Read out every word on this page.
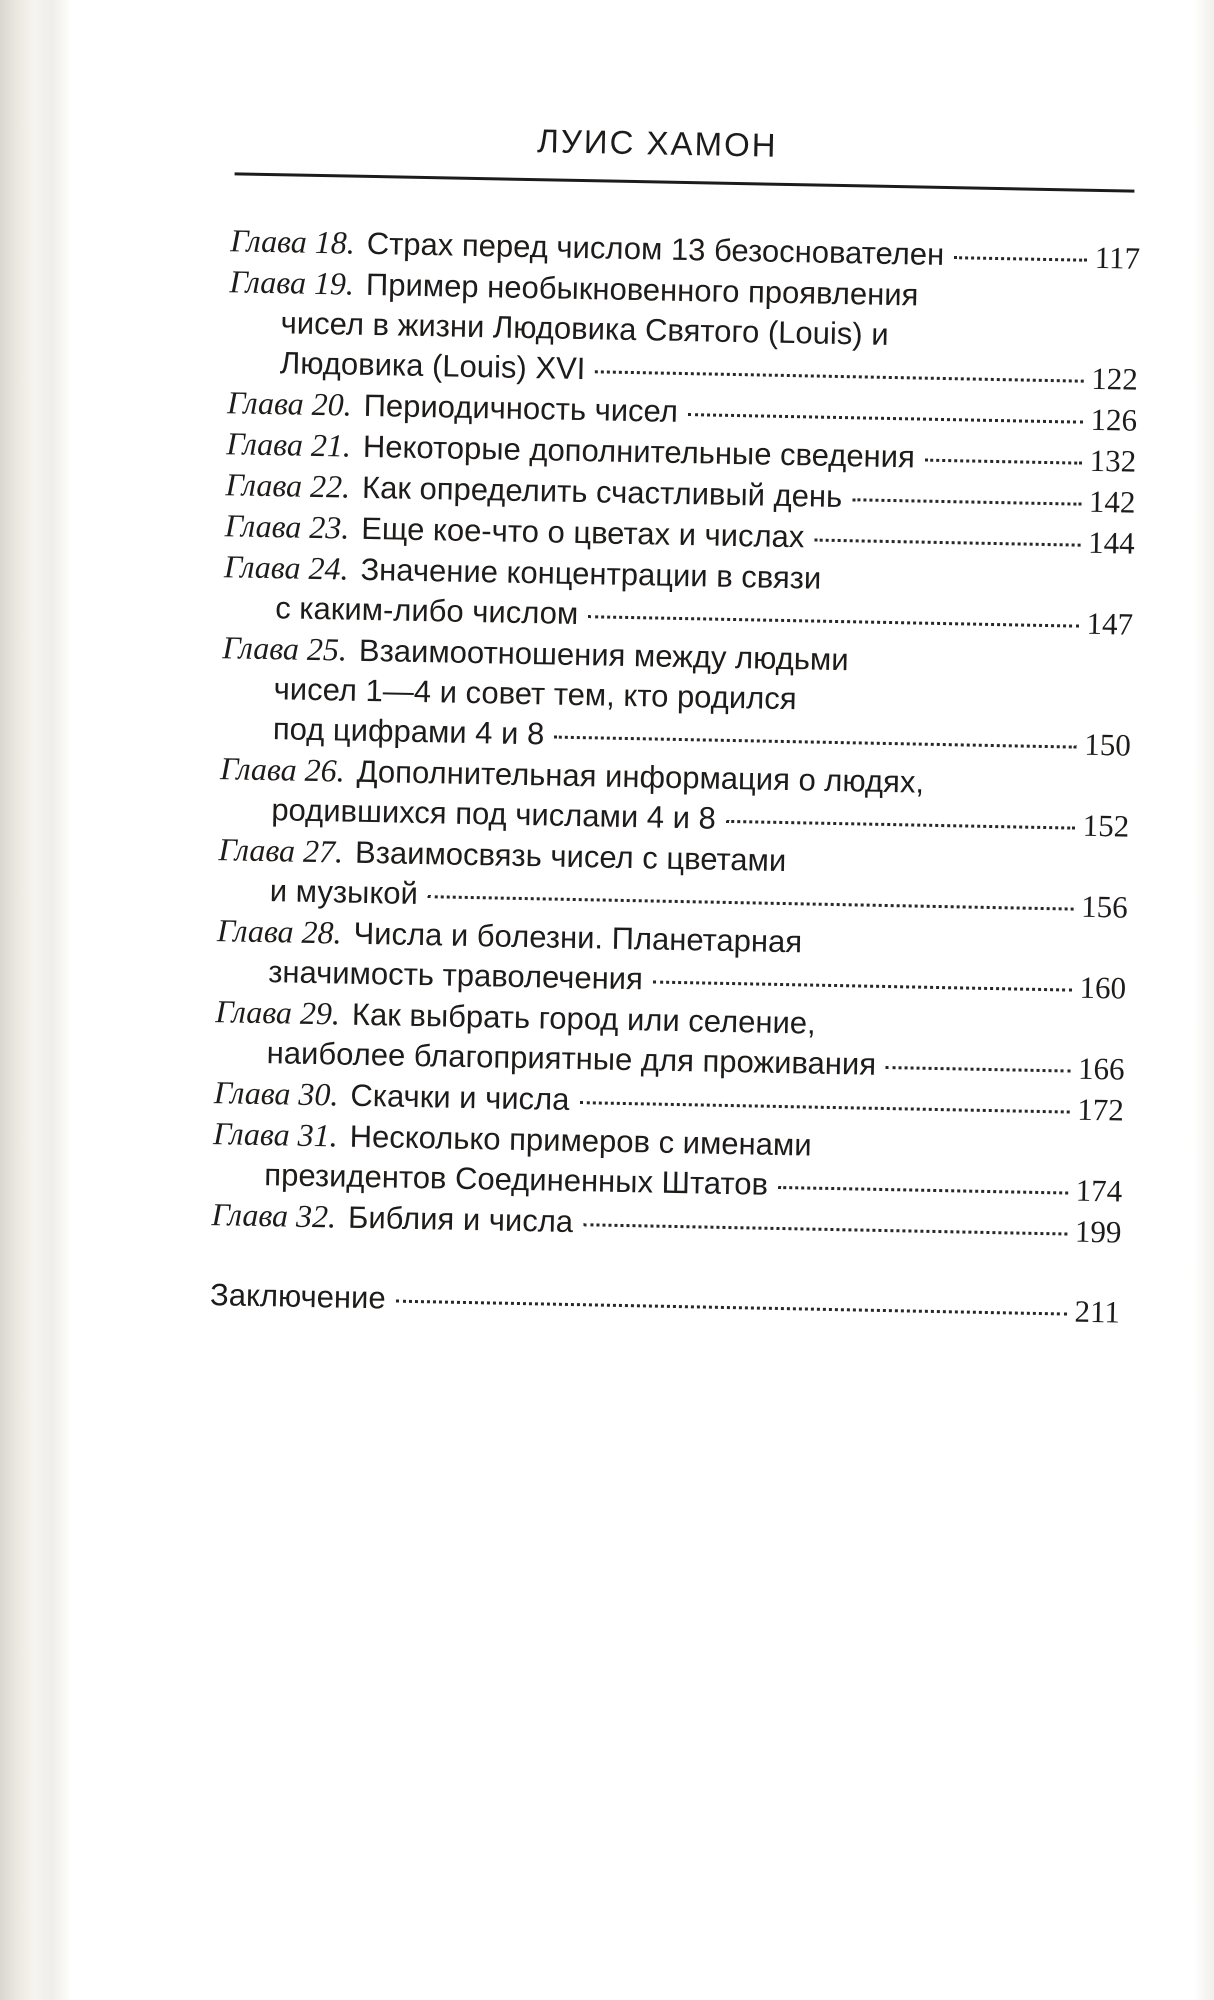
ЛУИС ХАМОН
Глава 18. Страх перед числом 13 безоснователен	117
Глава 19. Пример необыкновенного проявления
чисел в жизни Людовика Святого (Louis) и
Людовика (Louis) XVI	122
Глава 20. Периодичность чисел	126
Глава 21. Некоторые дополнительные сведения	132
Глава 22. Как определить счастливый день	142
Глава 23. Еще кое-что о цветах и числах	144
Глава 24. Значение концентрации в связи
с каким-либо числом	147
Глава 25. Взаимоотношения между людьми
чисел 1—4 и совет тем, кто родился
под цифрами 4 и 8	150
Глава 26. Дополнительная информация о людях,
родившихся под числами 4 и 8	152
Глава 27. Взаимосвязь чисел с цветами
и музыкой	156
Глава 28. Числа и болезни. Планетарная
значимость траволечения	160
Глава 29. Как выбрать город или селение,
наиболее благоприятные для проживания	166
Глава 30. Скачки и числа	172
Глава 31. Несколько примеров с именами
президентов Соединенных Штатов	174
Глава 32. Библия и числа	199
Заключение	211
